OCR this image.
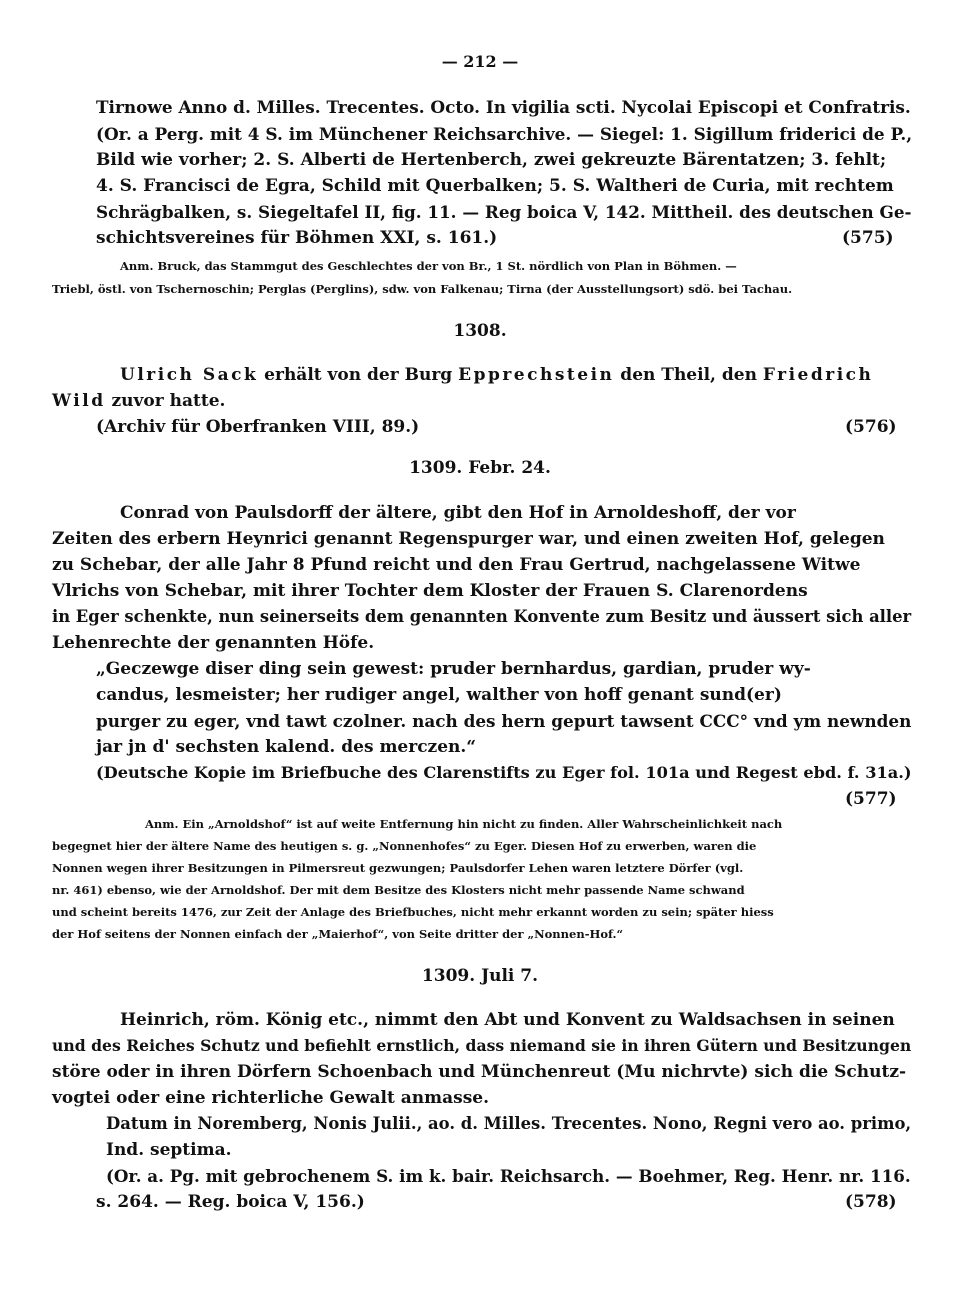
— 212 —
Tirnowe Anno d. Milles. Trecentes. Octo. In vigilia scti. Nycolai Episcopi et Confratris.
(Or. a Perg. mit 4 S. im Münchener Reichsarchive. — Siegel: 1. Sigillum friderici de P.,
Bild wie vorher; 2. S. Alberti de Hertenberch, zwei gekreuzte Bärentatzen; 3. fehlt;
4. S. Francisci de Egra, Schild mit Querbalken; 5. S. Waltheri de Curia, mit rechtem
Schrägbalken, s. Siegeltafel II, fig. 11. — Reg boica V, 142. Mittheil. des deutschen Ge-
schichtsvereines für Böhmen XXI, s. 161.)	(575)
Anm. Bruck, das Stammgut des Geschlechtes der von Br., 1 St. nördlich von Plan in Böhmen. —
Triebl, östl. von Tschernoschin; Perglas (Perglins), sdw. von Falkenau; Tirna (der Ausstellungsort) sdö. bei Tachau.
1308.
Ulrich Sack erhält von der Burg Epprechstein den Theil, den Friedrich
Wild zuvor hatte.
(Archiv für Oberfranken VIII, 89.)	(576)
1309. Febr. 24.
Conrad von Paulsdorff der ältere, gibt den Hof in Arnoldeshoff, der vor
Zeiten des erbern Heynrici genannt Regenspurger war, und einen zweiten Hof, gelegen
zu Schebar, der alle Jahr 8 Pfund reicht und den Frau Gertrud, nachgelassene Witwe
Vlrichs von Schebar, mit ihrer Tochter dem Kloster der Frauen S. Clarenordens
in Eger schenkte, nun seinerseits dem genannten Konvente zum Besitz und äussert sich aller
Lehenrechte der genannten Höfe.
„Geczewge diser ding sein gewest: pruder bernhardus, gardian, pruder wy-
candus, lesmeister; her rudiger angel, walther von hoff genant sund(er)
purger zu eger, vnd tawt czolner. nach des hern gepurt tawsent CCC° vnd ym newnden
jar jn d' sechsten kalend. des merczen.“
(Deutsche Kopie im Briefbuche des Clarenstifts zu Eger fol. 101a und Regest ebd. f. 31a.)
(577)
Anm. Ein „Arnoldshof“ ist auf weite Entfernung hin nicht zu finden. Aller Wahrscheinlichkeit nach
begegnet hier der ältere Name des heutigen s. g. „Nonnenhofes“ zu Eger. Diesen Hof zu erwerben, waren die
Nonnen wegen ihrer Besitzungen in Pilmersreut gezwungen; Paulsdorfer Lehen waren letztere Dörfer (vgl.
nr. 461) ebenso, wie der Arnoldshof. Der mit dem Besitze des Klosters nicht mehr passende Name schwand
und scheint bereits 1476, zur Zeit der Anlage des Briefbuches, nicht mehr erkannt worden zu sein; später hiess
der Hof seitens der Nonnen einfach der „Maierhof“, von Seite dritter der „Nonnen-Hof.“
1309. Juli 7.
Heinrich, röm. König etc., nimmt den Abt und Konvent zu Waldsachsen in seinen
und des Reiches Schutz und befiehlt ernstlich, dass niemand sie in ihren Gütern und Besitzungen
störe oder in ihren Dörfern Schoenbach und Münchenreut (Mu nichrvte) sich die Schutz-
vogtei oder eine richterliche Gewalt anmasse.
Datum in Noremberg, Nonis Julii., ao. d. Milles. Trecentes. Nono, Regni vero ao. primo,
Ind. septima.
(Or. a. Pg. mit gebrochenem S. im k. bair. Reichsarch. — Boehmer, Reg. Henr. nr. 116.
s. 264. — Reg. boica V, 156.)	(578)
